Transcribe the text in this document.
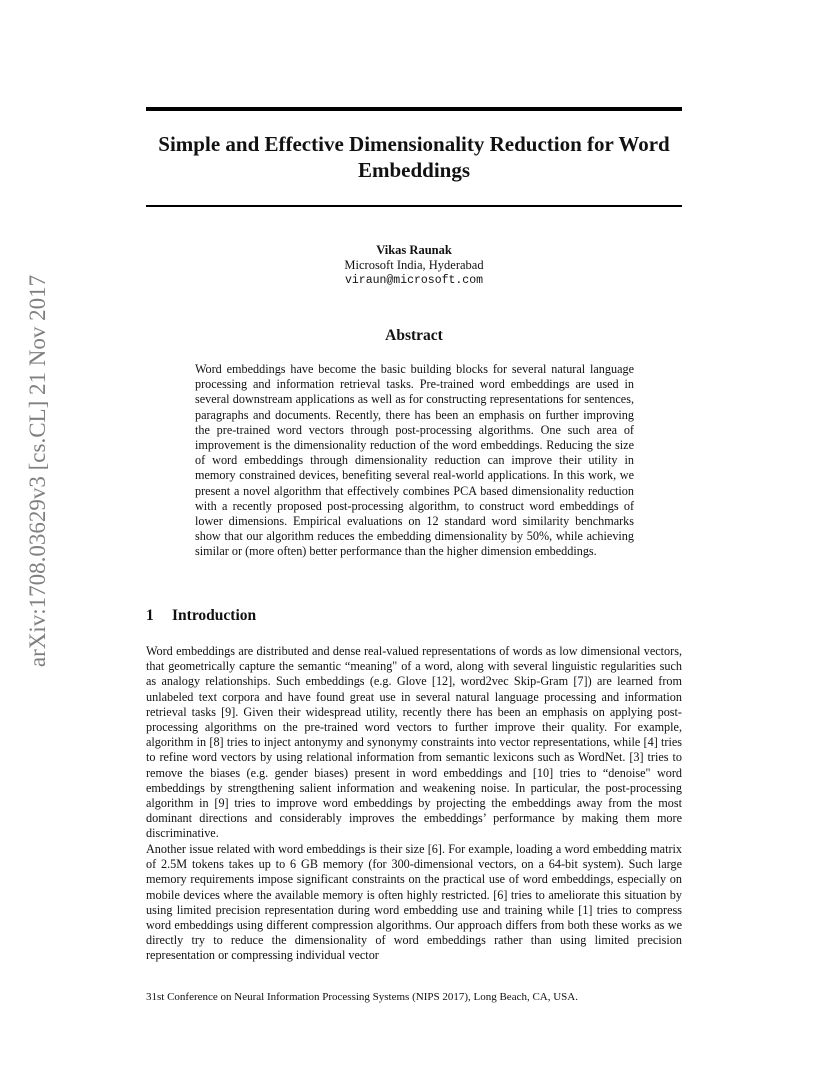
arXiv:1708.03629v3 [cs.CL] 21 Nov 2017
Simple and Effective Dimensionality Reduction for Word Embeddings
Vikas Raunak
Microsoft India, Hyderabad
viraun@microsoft.com
Abstract

Word embeddings have become the basic building blocks for several natural language processing and information retrieval tasks. Pre-trained word embeddings are used in several downstream applications as well as for constructing representations for sentences, paragraphs and documents. Recently, there has been an emphasis on further improving the pre-trained word vectors through post-processing algorithms. One such area of improvement is the dimensionality reduction of the word embeddings. Reducing the size of word embeddings through dimensionality reduction can improve their utility in memory constrained devices, benefiting several real-world applications. In this work, we present a novel algorithm that effectively combines PCA based dimensionality reduction with a recently proposed post-processing algorithm, to construct word embeddings of lower dimensions. Empirical evaluations on 12 standard word similarity benchmarks show that our algorithm reduces the embedding dimensionality by 50%, while achieving similar or (more often) better performance than the higher dimension embeddings.

1 Introduction

Word embeddings are distributed and dense real-valued representations of words as low dimensional vectors, that geometrically capture the semantic “meaning" of a word, along with several linguistic regularities such as analogy relationships. Such embeddings (e.g. Glove [12], word2vec Skip-Gram [7]) are learned from unlabeled text corpora and have found great use in several natural language processing and information retrieval tasks [9]. Given their widespread utility, recently there has been an emphasis on applying post-processing algorithms on the pre-trained word vectors to further improve their quality. For example, algorithm in [8] tries to inject antonymy and synonymy constraints into vector representations, while [4] tries to refine word vectors by using relational information from semantic lexicons such as WordNet. [3] tries to remove the biases (e.g. gender biases) present in word embeddings and [10] tries to “denoise" word embeddings by strengthening salient information and weakening noise. In particular, the post-processing algorithm in [9] tries to improve word embeddings by projecting the embeddings away from the most dominant directions and considerably improves the embeddings’ performance by making them more discriminative.

Another issue related with word embeddings is their size [6]. For example, loading a word embedding matrix of 2.5M tokens takes up to 6 GB memory (for 300-dimensional vectors, on a 64-bit system). Such large memory requirements impose significant constraints on the practical use of word embeddings, especially on mobile devices where the available memory is often highly restricted. [6] tries to ameliorate this situation by using limited precision representation during word embedding use and training while [1] tries to compress word embeddings using different compression algorithms. Our approach differs from both these works as we directly try to reduce the dimensionality of word embeddings rather than using limited precision representation or compressing individual vector

31st Conference on Neural Information Processing Systems (NIPS 2017), Long Beach, CA, USA.
